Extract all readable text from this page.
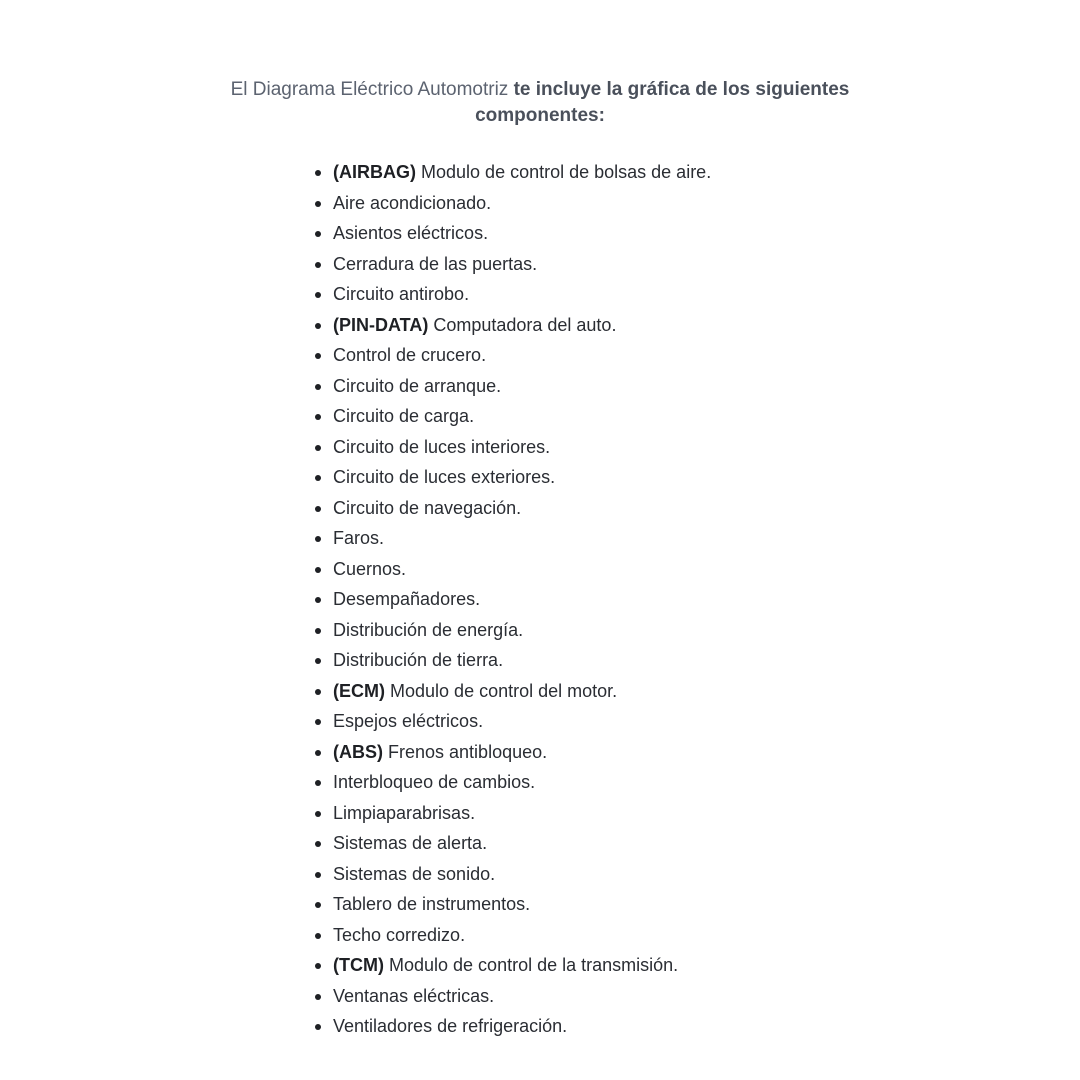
El Diagrama Eléctrico Automotriz te incluye la gráfica de los siguientes
componentes:
(AIRBAG) Modulo de control de bolsas de aire.
Aire acondicionado.
Asientos eléctricos.
Cerradura de las puertas.
Circuito antirobo.
(PIN-DATA) Computadora del auto.
Control de crucero.
Circuito de arranque.
Circuito de carga.
Circuito de luces interiores.
Circuito de luces exteriores.
Circuito de navegación.
Faros.
Cuernos.
Desempañadores.
Distribución de energía.
Distribución de tierra.
(ECM) Modulo de control del motor.
Espejos eléctricos.
(ABS) Frenos antibloqueo.
Interbloqueo de cambios.
Limpiaparabrisas.
Sistemas de alerta.
Sistemas de sonido.
Tablero de instrumentos.
Techo corredizo.
(TCM) Modulo de control de la transmisión.
Ventanas eléctricas.
Ventiladores de refrigeración.
